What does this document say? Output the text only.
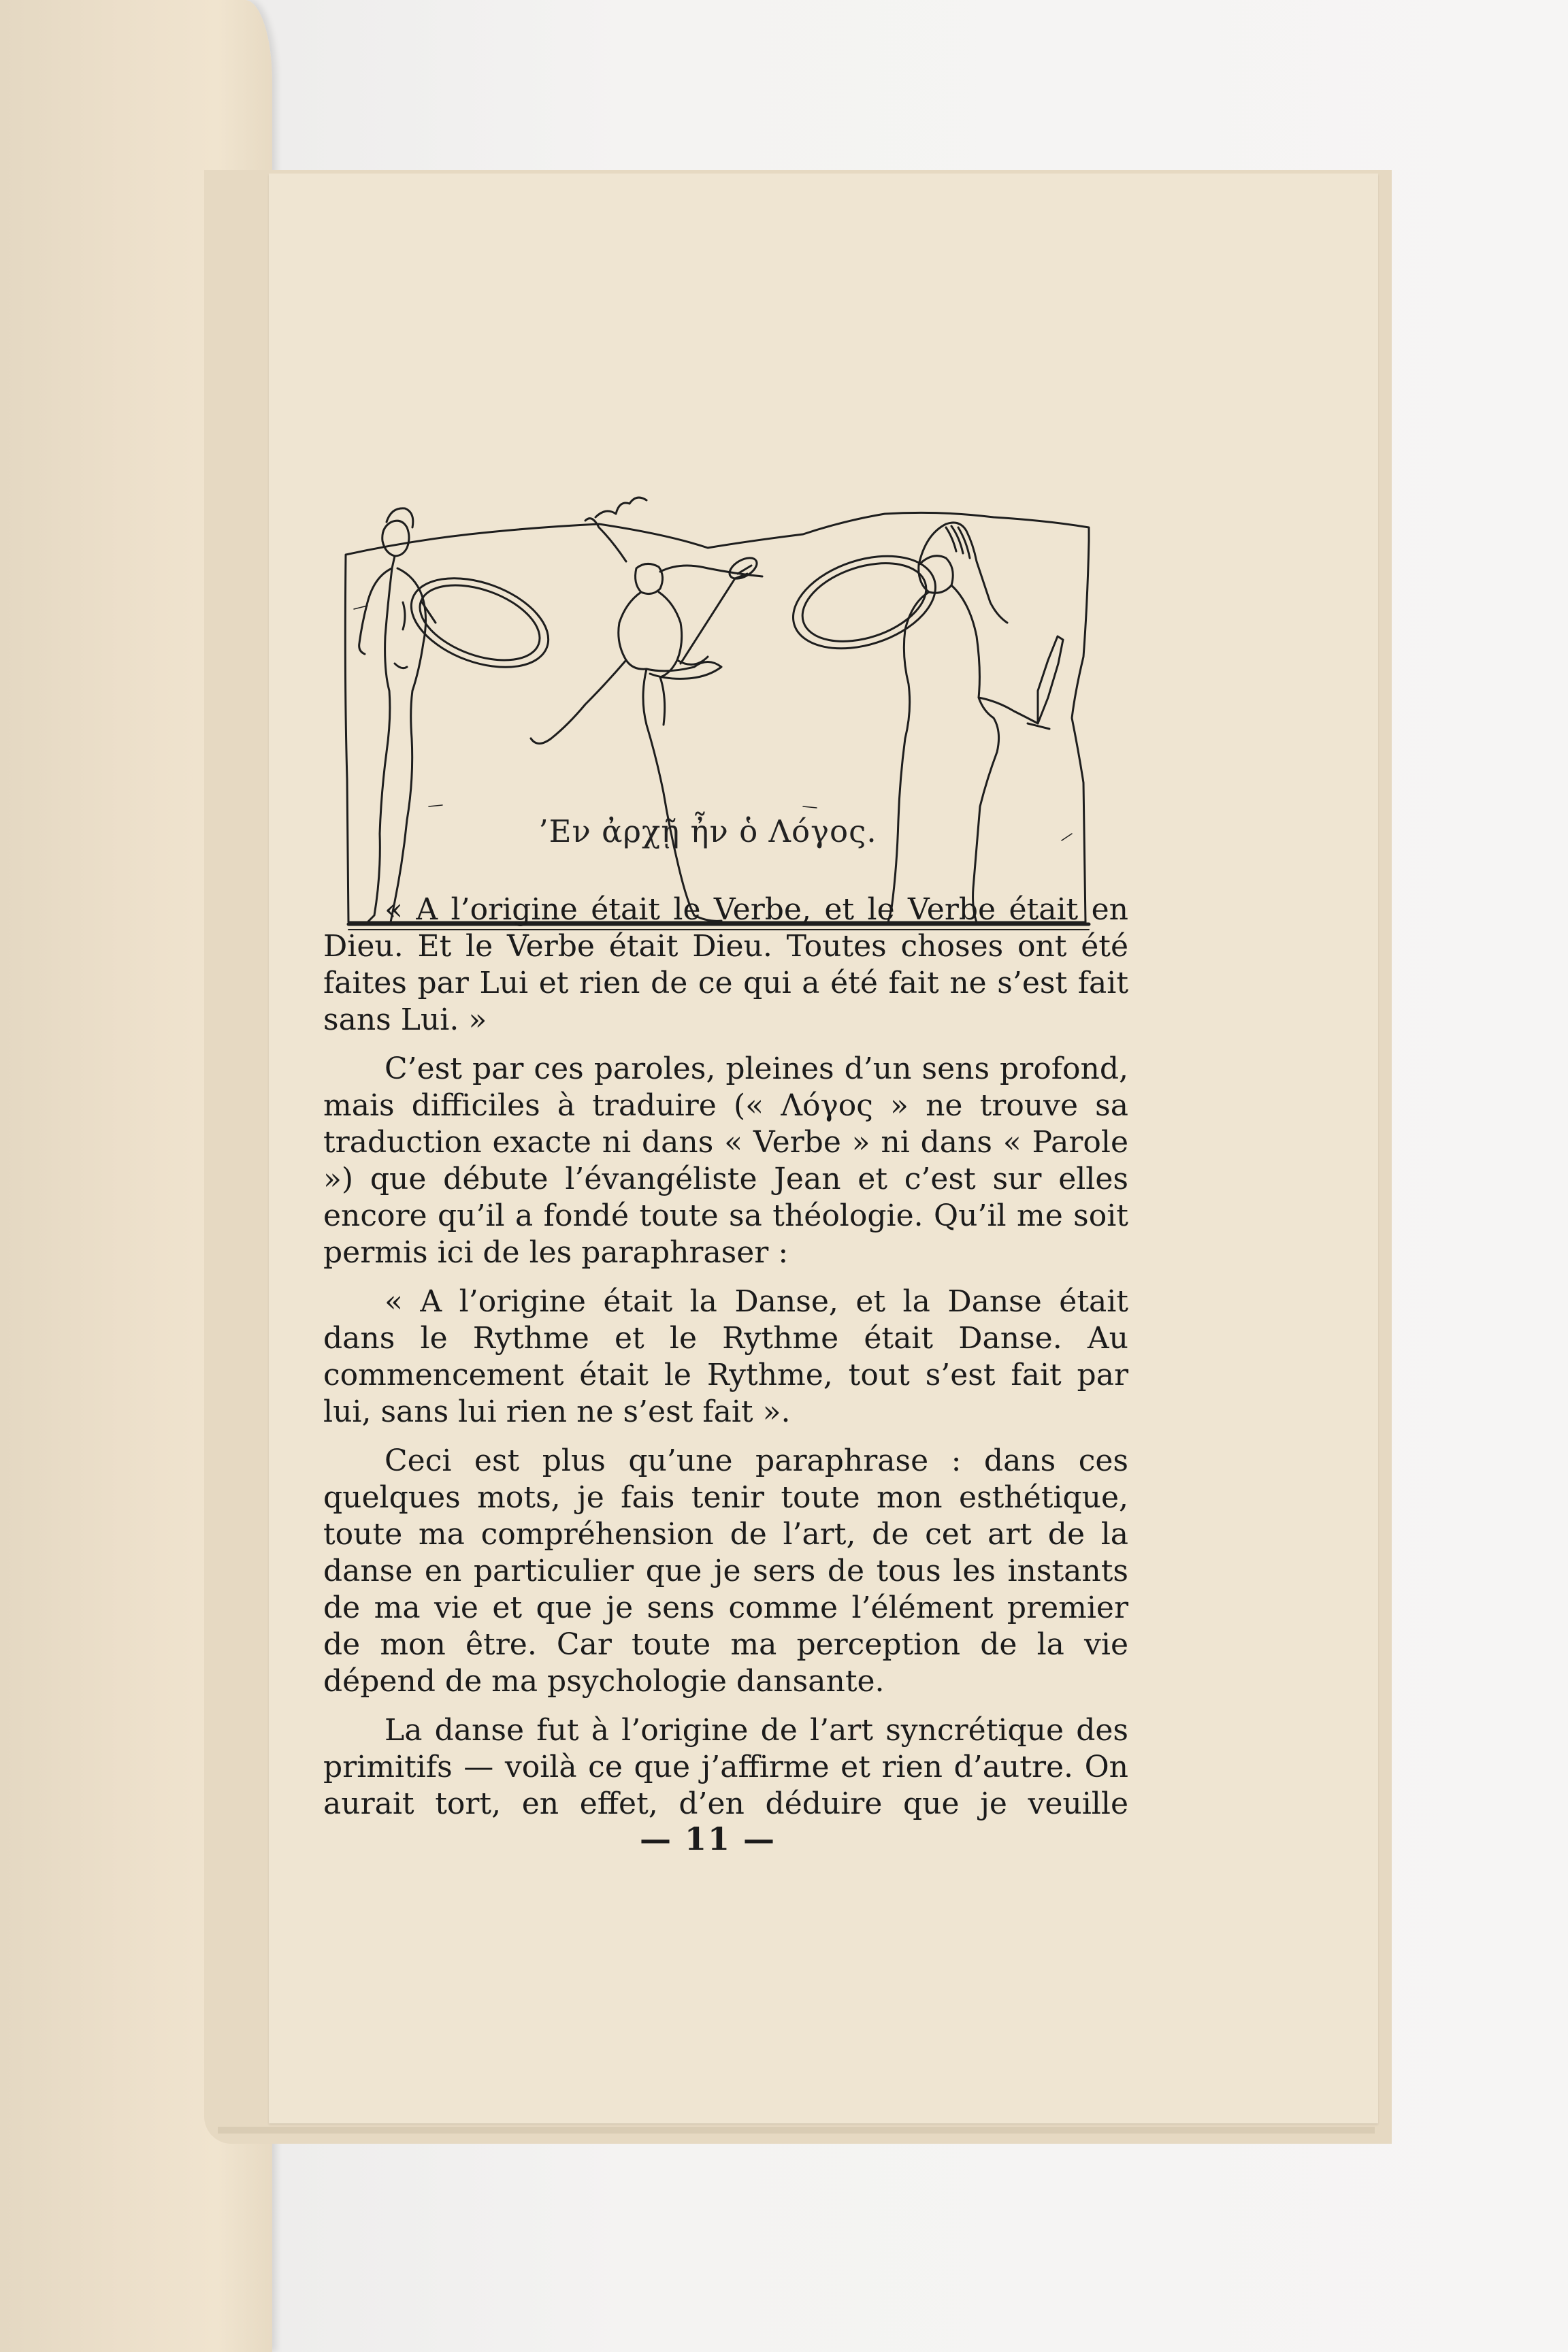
’Εν ἀρχῇ ἦν ὁ Λόγος.

« A l’origine était le Verbe, et le Verbe était en Dieu. Et le Verbe était Dieu. Toutes choses ont été faites par Lui et rien de ce qui a été fait ne s’est fait sans Lui. »

C’est par ces paroles, pleines d’un sens profond, mais difficiles à traduire (« Λόγος » ne trouve sa traduction exacte ni dans « Verbe » ni dans « Parole ») que débute l’évangéliste Jean et c’est sur elles encore qu’il a fondé toute sa théologie. Qu’il me soit permis ici de les paraphraser :

« A l’origine était la Danse, et la Danse était dans le Rythme et le Rythme était Danse. Au commencement était le Rythme, tout s’est fait par lui, sans lui rien ne s’est fait ».

Ceci est plus qu’une paraphrase : dans ces quelques mots, je fais tenir toute mon esthétique, toute ma compréhension de l’art, de cet art de la danse en particulier que je sers de tous les instants de ma vie et que je sens comme l’élément premier de mon être. Car toute ma perception de la vie dépend de ma psychologie dansante.

La danse fut à l’origine de l’art syncrétique des primitifs — voilà ce que j’affirme et rien d’autre. On aurait tort, en effet, d’en déduire que je veuille

— 11 —
